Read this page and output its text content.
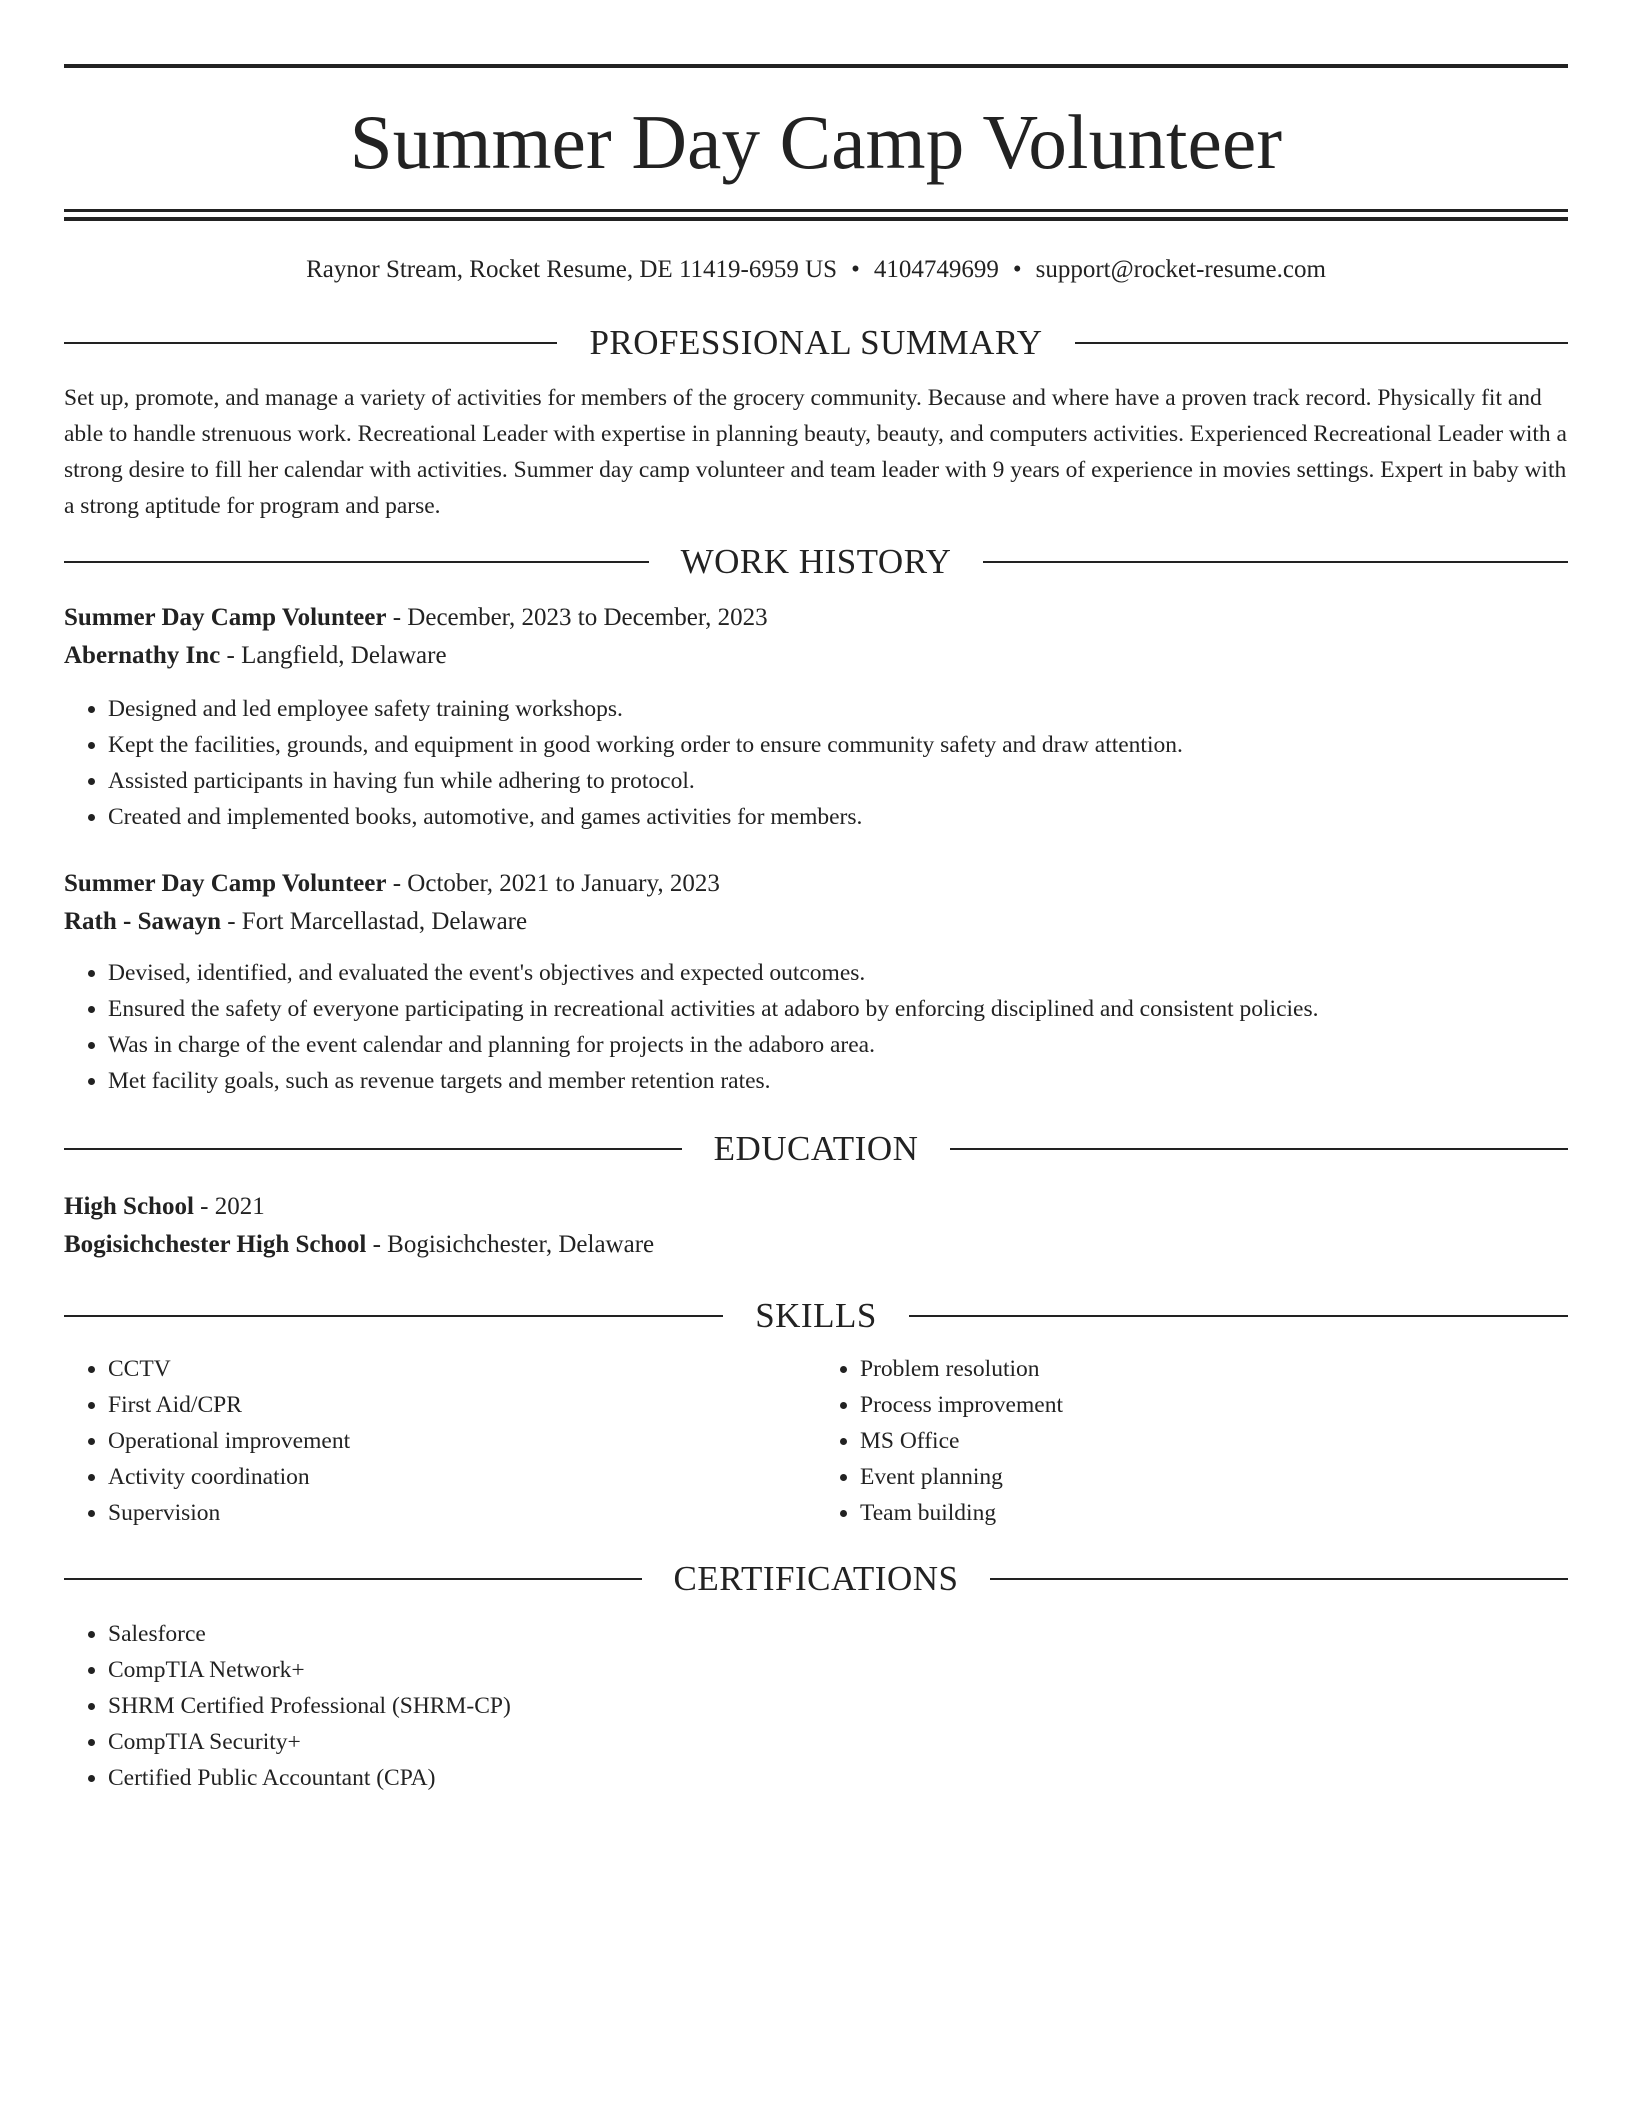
Summer Day Camp Volunteer
Raynor Stream, Rocket Resume, DE 11419-6959 US • 4104749699 • support@rocket-resume.com
PROFESSIONAL SUMMARY

Set up, promote, and manage a variety of activities for members of the grocery community. Because and where have a proven track record. Physically fit and able to handle strenuous work. Recreational Leader with expertise in planning beauty, beauty, and computers activities. Experienced Recreational Leader with a strong desire to fill her calendar with activities. Summer day camp volunteer and team leader with 9 years of experience in movies settings. Expert in baby with a strong aptitude for program and parse.

WORK HISTORY
Summer Day Camp Volunteer - December, 2023 to December, 2023
Abernathy Inc - Langfield, Delaware
• Designed and led employee safety training workshops.
• Kept the facilities, grounds, and equipment in good working order to ensure community safety and draw attention.
• Assisted participants in having fun while adhering to protocol.
• Created and implemented books, automotive, and games activities for members.
Summer Day Camp Volunteer - October, 2021 to January, 2023
Rath - Sawayn - Fort Marcellastad, Delaware
• Devised, identified, and evaluated the event's objectives and expected outcomes.
• Ensured the safety of everyone participating in recreational activities at adaboro by enforcing disciplined and consistent policies.
• Was in charge of the event calendar and planning for projects in the adaboro area.
• Met facility goals, such as revenue targets and member retention rates.
EDUCATION
High School - 2021
Bogisichchester High School - Bogisichchester, Delaware
SKILLS
• CCTV
• First Aid/CPR
• Operational improvement
• Activity coordination
• Supervision
• Problem resolution
• Process improvement
• MS Office
• Event planning
• Team building
CERTIFICATIONS
• Salesforce
• CompTIA Network+
• SHRM Certified Professional (SHRM-CP)
• CompTIA Security+
• Certified Public Accountant (CPA)
